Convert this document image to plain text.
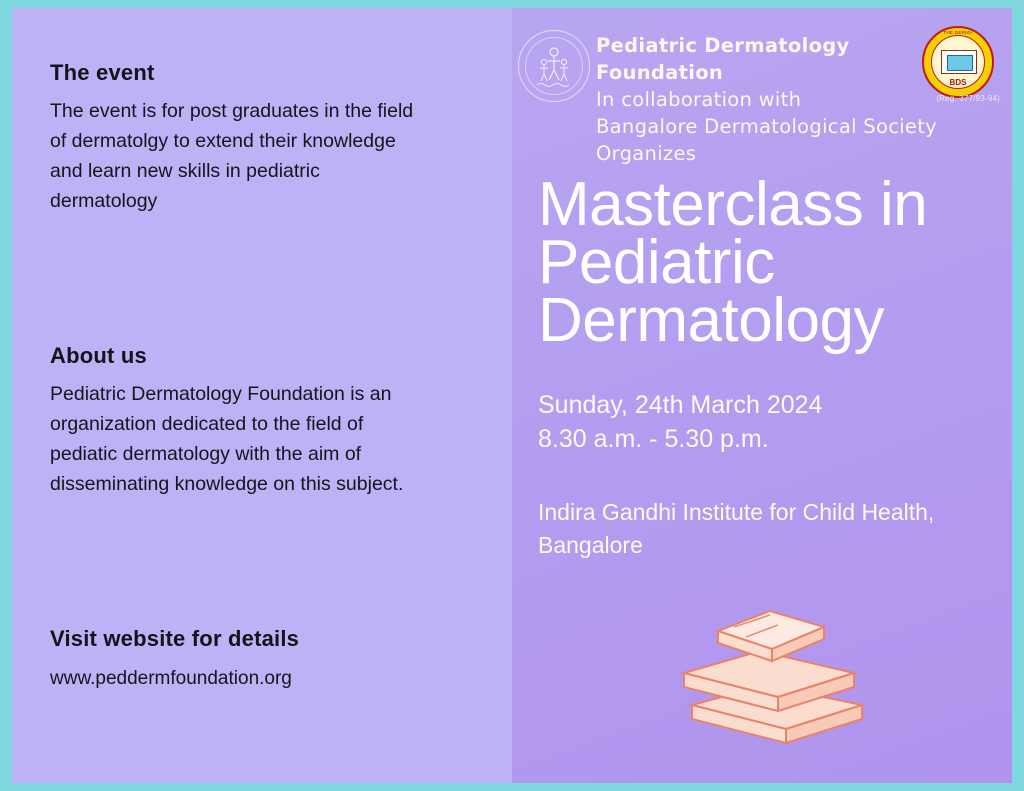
The event

The event is for post graduates in the field of dermatolgy to extend their knowledge and learn new skills in pediatric dermatology

About us

Pediatric Dermatology Foundation is an organization dedicated to the field of pediatic dermatology with the aim of disseminating knowledge on this subject.

Visit website for details
www.peddermfoundation.org
Pediatric Dermatology Foundation
In collaboration with
Bangalore Dermatological Society
Organizes
THE DERMA
BDS
(Reg. 377/93-94)
Masterclass in Pediatric Dermatology
Sunday, 24th March 2024
8.30 a.m. - 5.30 p.m.
Indira Gandhi Institute for Child Health, Bangalore
